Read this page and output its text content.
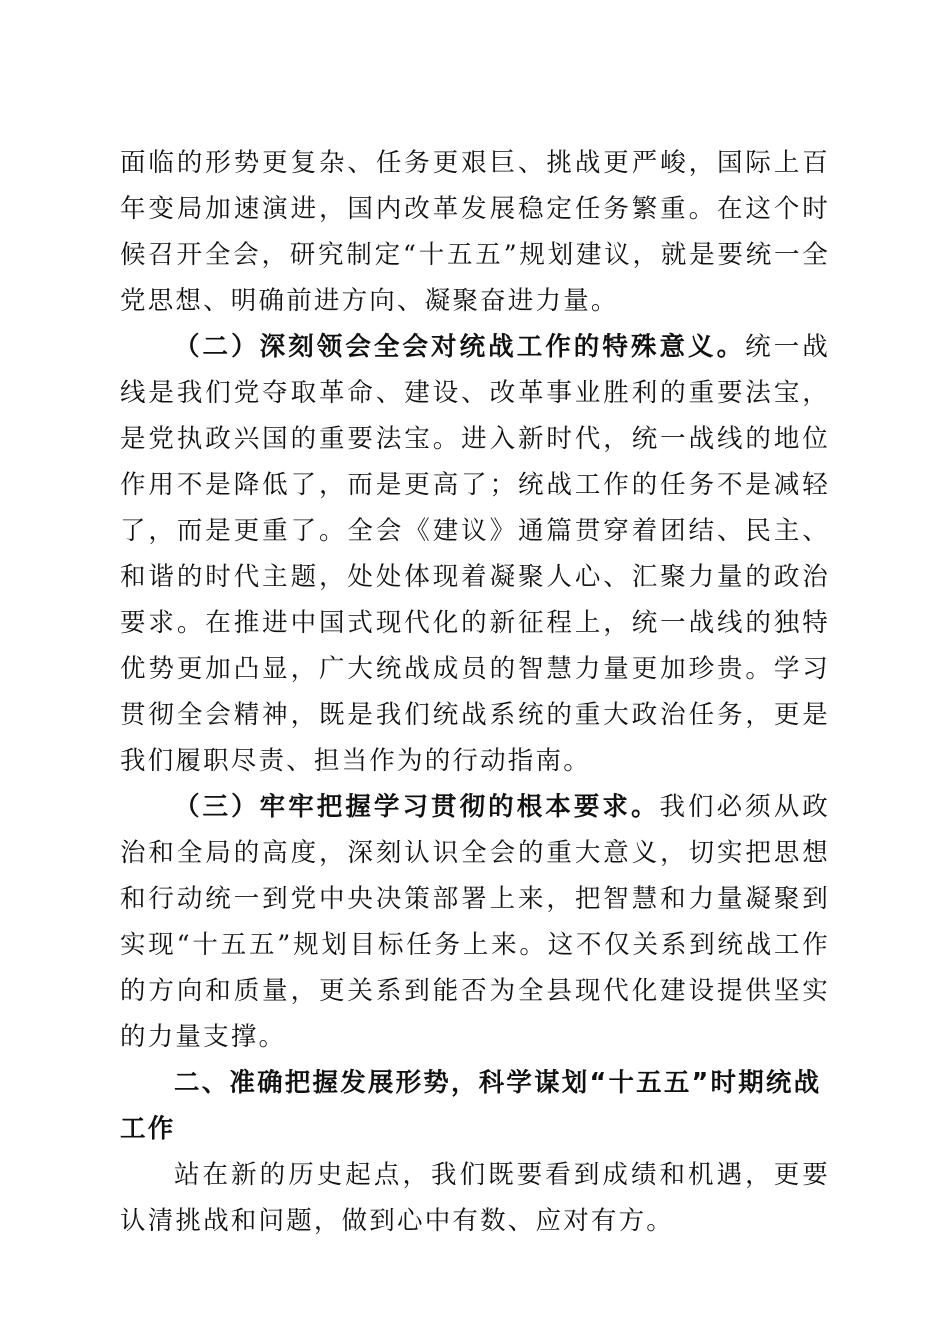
面临的形势更复杂、任务更艰巨、挑战更严峻，国际上百年变局加速演进，国内改革发展稳定任务繁重。在这个时候召开全会，研究制定“十五五”规划建议，就是要统一全党思想、明确前进方向、凝聚奋进力量。

（二）深刻领会全会对统战工作的特殊意义。统一战线是我们党夺取革命、建设、改革事业胜利的重要法宝，是党执政兴国的重要法宝。进入新时代，统一战线的地位作用不是降低了，而是更高了；统战工作的任务不是减轻了，而是更重了。全会《建议》通篇贯穿着团结、民主、和谐的时代主题，处处体现着凝聚人心、汇聚力量的政治要求。在推进中国式现代化的新征程上，统一战线的独特优势更加凸显，广大统战成员的智慧力量更加珍贵。学习贯彻全会精神，既是我们统战系统的重大政治任务，更是我们履职尽责、担当作为的行动指南。

（三）牢牢把握学习贯彻的根本要求。我们必须从政治和全局的高度，深刻认识全会的重大意义，切实把思想和行动统一到党中央决策部署上来，把智慧和力量凝聚到实现“十五五”规划目标任务上来。这不仅关系到统战工作的方向和质量，更关系到能否为全县现代化建设提供坚实的力量支撑。

二、准确把握发展形势，科学谋划“十五五”时期统战工作

站在新的历史起点，我们既要看到成绩和机遇，更要认清挑战和问题，做到心中有数、应对有方。
